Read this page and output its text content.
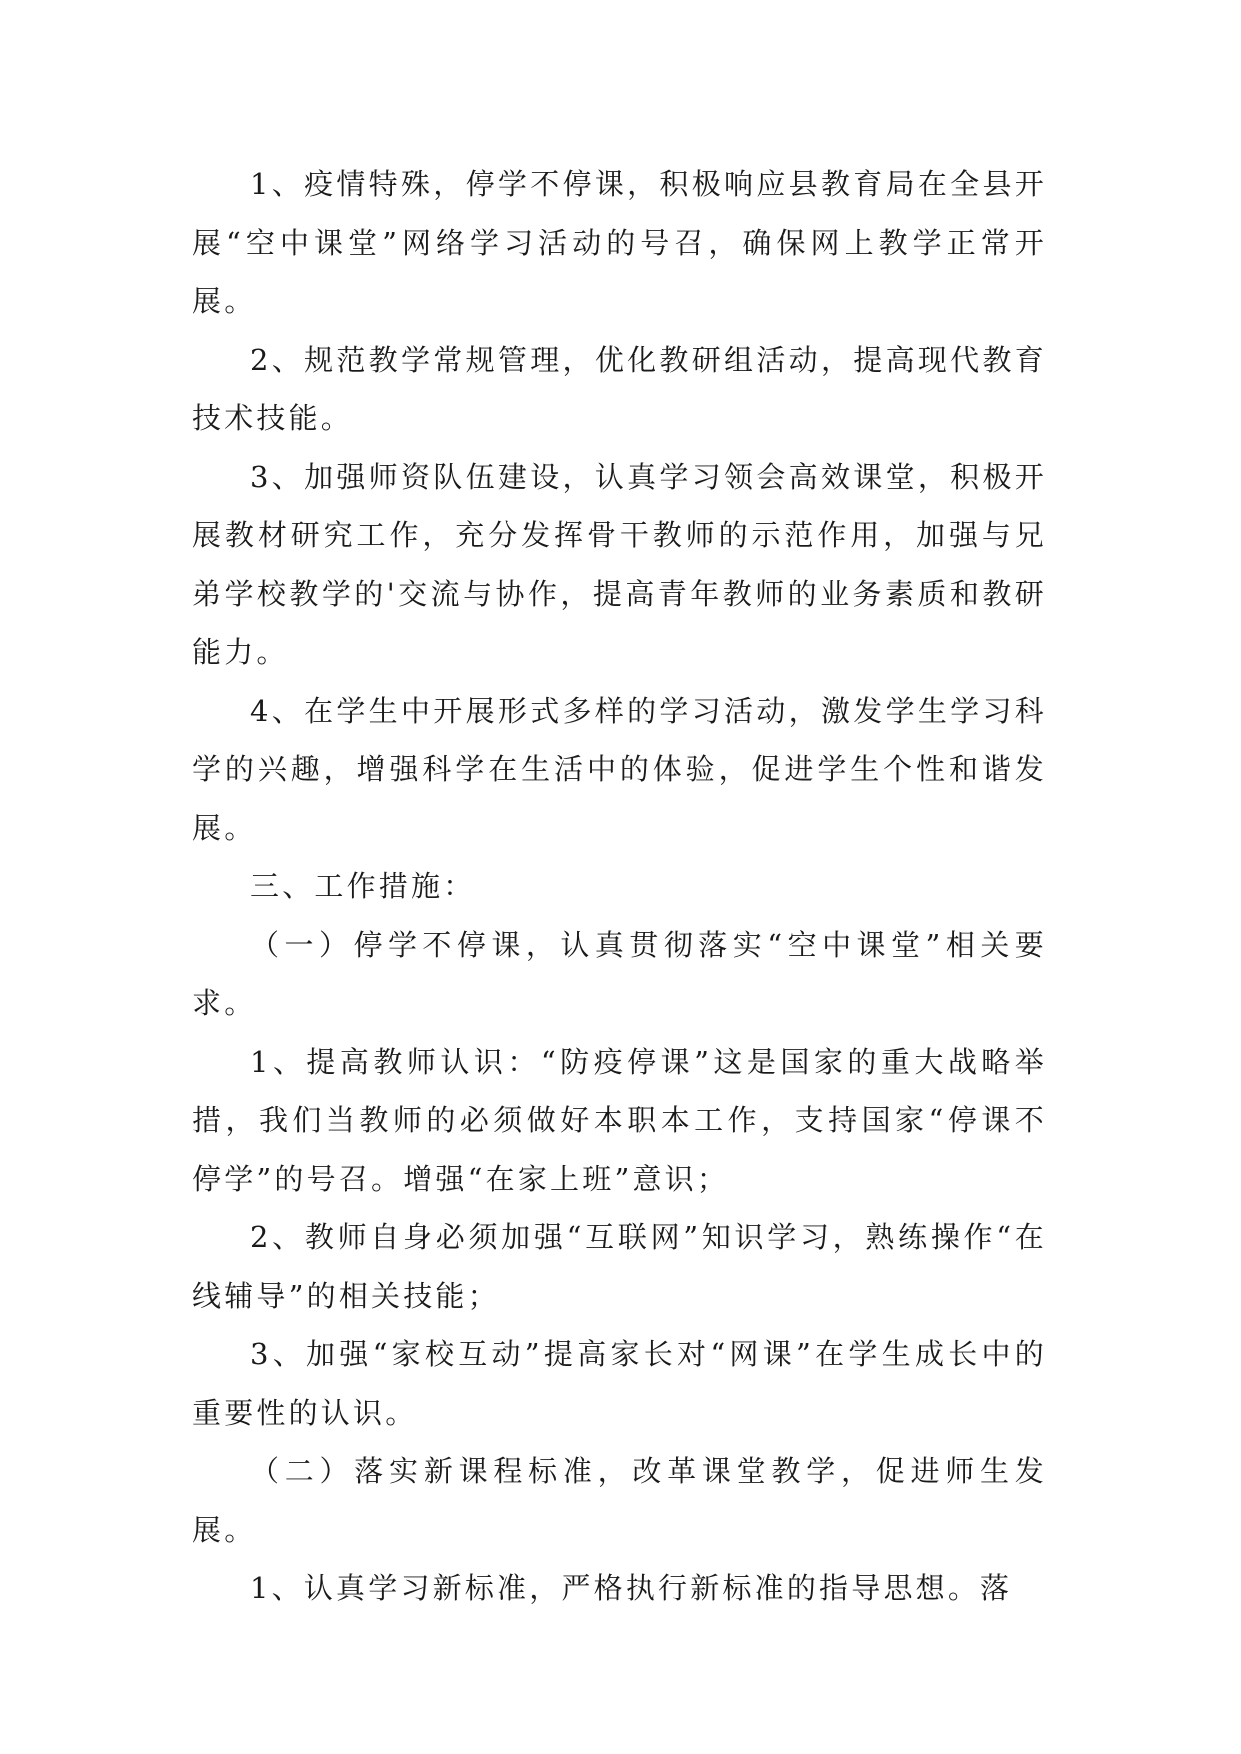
1、疫情特殊，停学不停课，积极响应县教育局在全县开展“空中课堂”网络学习活动的号召，确保网上教学正常开展。

2、规范教学常规管理，优化教研组活动，提高现代教育技术技能。

3、加强师资队伍建设，认真学习领会高效课堂，积极开展教材研究工作，充分发挥骨干教师的示范作用，加强与兄弟学校教学的'交流与协作，提高青年教师的业务素质和教研能力。

4、在学生中开展形式多样的学习活动，激发学生学习科学的兴趣，增强科学在生活中的体验，促进学生个性和谐发展。

三、工作措施：

（一）停学不停课，认真贯彻落实“空中课堂”相关要求。

1、提高教师认识：“防疫停课”这是国家的重大战略举措，我们当教师的必须做好本职本工作，支持国家“停课不停学”的号召。增强“在家上班”意识；

2、教师自身必须加强“互联网”知识学习，熟练操作“在线辅导”的相关技能；

3、加强“家校互动”提高家长对“网课”在学生成长中的重要性的认识。

（二）落实新课程标准，改革课堂教学，促进师生发展。

1、认真学习新标准，严格执行新标准的指导思想。落
